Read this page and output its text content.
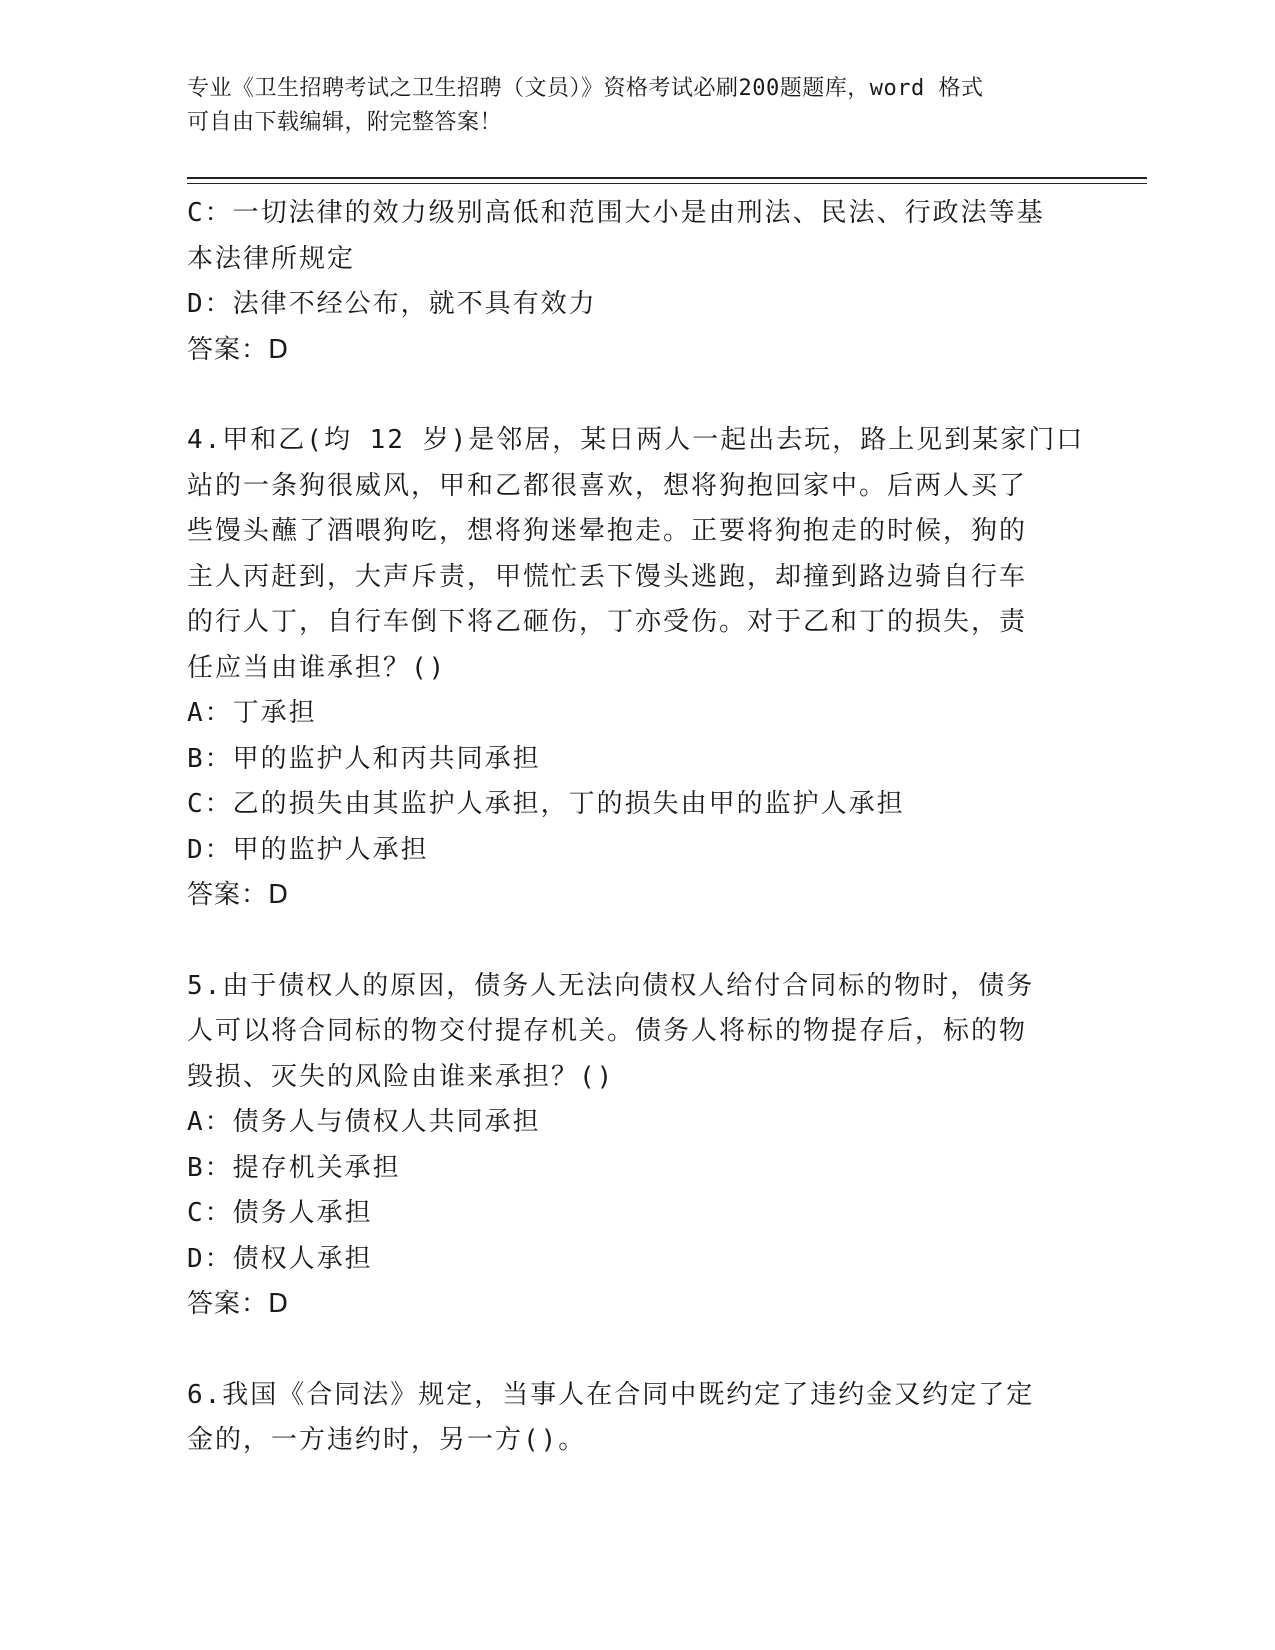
专业《卫生招聘考试之卫生招聘（文员）》资格考试必刷200题题库，word 格式
可自由下载编辑，附完整答案！
C：一切法律的效力级别高低和范围大小是由刑法、民法、行政法等基
本法律所规定
D：法律不经公布，就不具有效力
答案：D
4.甲和乙(均 12 岁)是邻居，某日两人一起出去玩，路上见到某家门口
站的一条狗很威风，甲和乙都很喜欢，想将狗抱回家中。后两人买了
些馒头蘸了酒喂狗吃，想将狗迷晕抱走。正要将狗抱走的时候，狗的
主人丙赶到，大声斥责，甲慌忙丢下馒头逃跑，却撞到路边骑自行车
的行人丁，自行车倒下将乙砸伤，丁亦受伤。对于乙和丁的损失，责
任应当由谁承担？()
A：丁承担
B：甲的监护人和丙共同承担
C：乙的损失由其监护人承担，丁的损失由甲的监护人承担
D：甲的监护人承担
答案：D
5.由于债权人的原因，债务人无法向债权人给付合同标的物时，债务
人可以将合同标的物交付提存机关。债务人将标的物提存后，标的物
毁损、灭失的风险由谁来承担？()
A：债务人与债权人共同承担
B：提存机关承担
C：债务人承担
D：债权人承担
答案：D
6.我国《合同法》规定，当事人在合同中既约定了违约金又约定了定
金的，一方违约时，另一方()。
